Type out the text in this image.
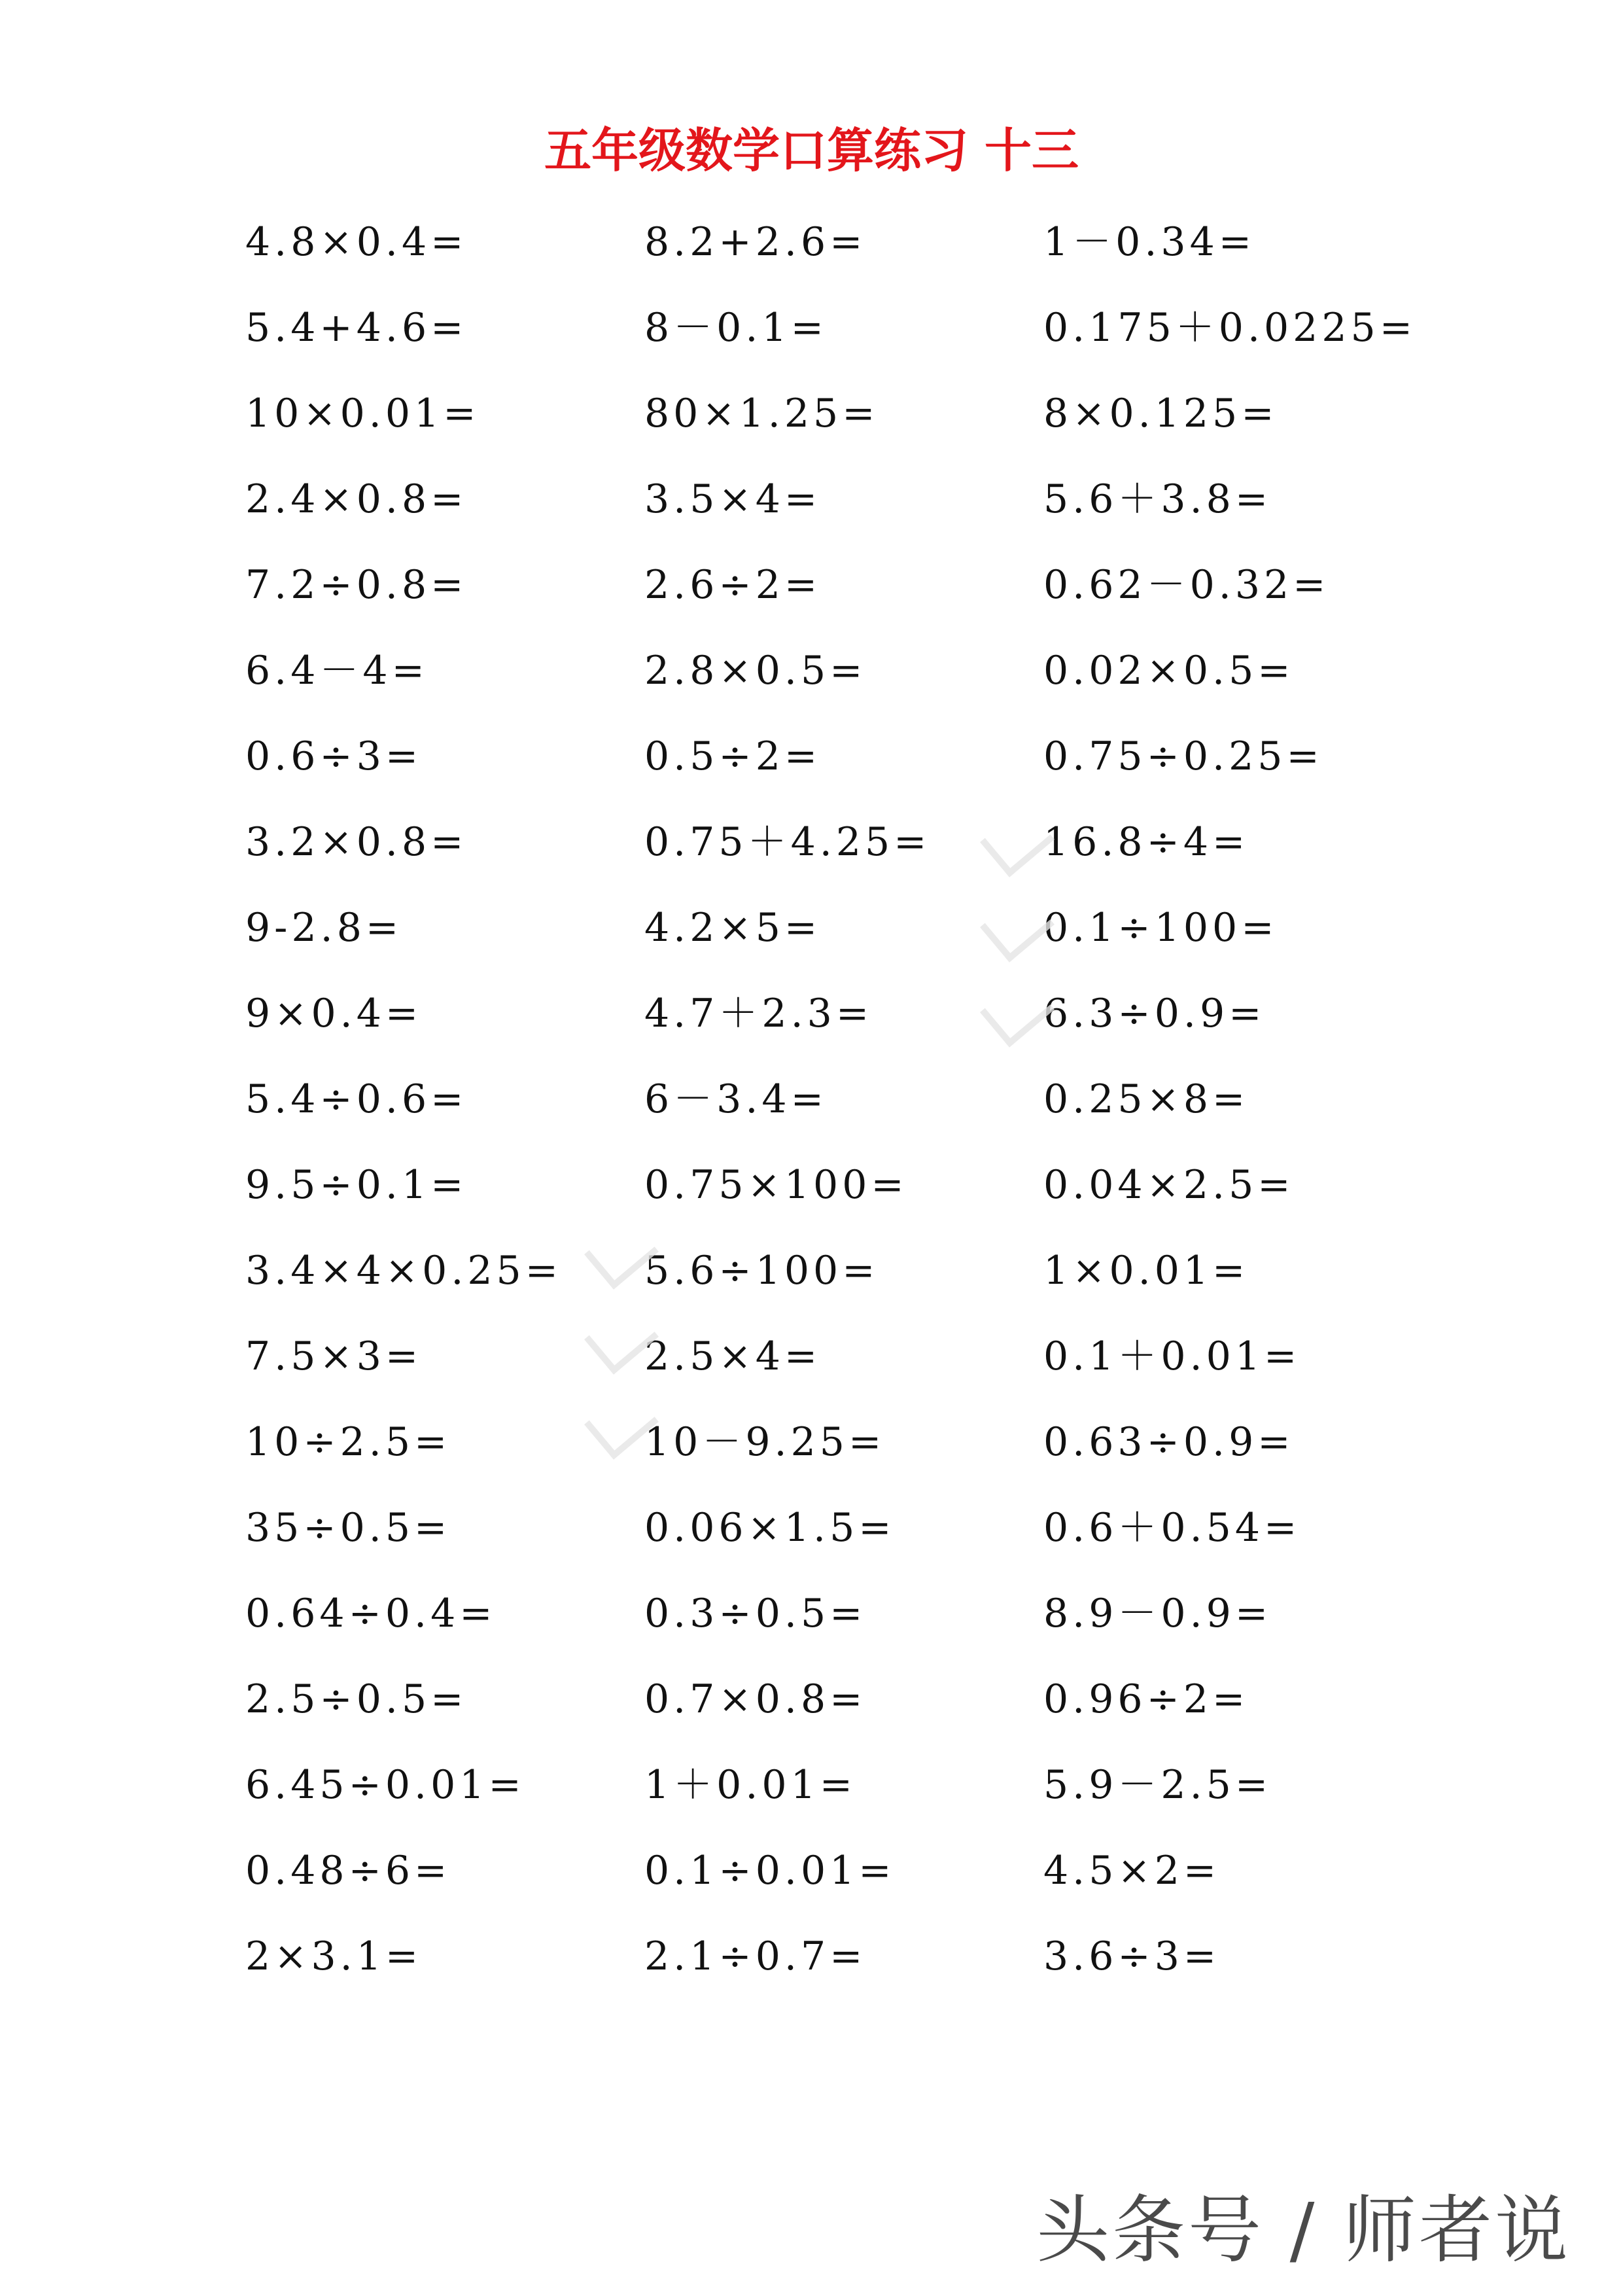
五年级数学口算练习 十三
4.8×0.4=	8.2+2.6=	1－0.34=
5.4+4.6=	8－0.1=	0.175＋0.0225=
10×0.01=	80×1.25=	8×0.125=
2.4×0.8=	3.5×4=	5.6＋3.8=
7.2÷0.8=	2.6÷2=	0.62－0.32=
6.4－4=	2.8×0.5=	0.02×0.5=
0.6÷3=	0.5÷2=	0.75÷0.25=
3.2×0.8=	0.75＋4.25=	16.8÷4=
9-2.8=	4.2×5=	0.1÷100=
9×0.4=	4.7＋2.3=	6.3÷0.9=
5.4÷0.6=	6－3.4=	0.25×8=
9.5÷0.1=	0.75×100=	0.04×2.5=
3.4×4×0.25=	5.6÷100=	1×0.01=
7.5×3=	2.5×4=	0.1＋0.01=
10÷2.5=	10－9.25=	0.63÷0.9=
35÷0.5=	0.06×1.5=	0.6＋0.54=
0.64÷0.4=	0.3÷0.5=	8.9－0.9=
2.5÷0.5=	0.7×0.8=	0.96÷2=
6.45÷0.01=	1＋0.01=	5.9－2.5=
0.48÷6=	0.1÷0.01=	4.5×2=
2×3.1=	2.1÷0.7=	3.6÷3=
头条号 / 师者说
